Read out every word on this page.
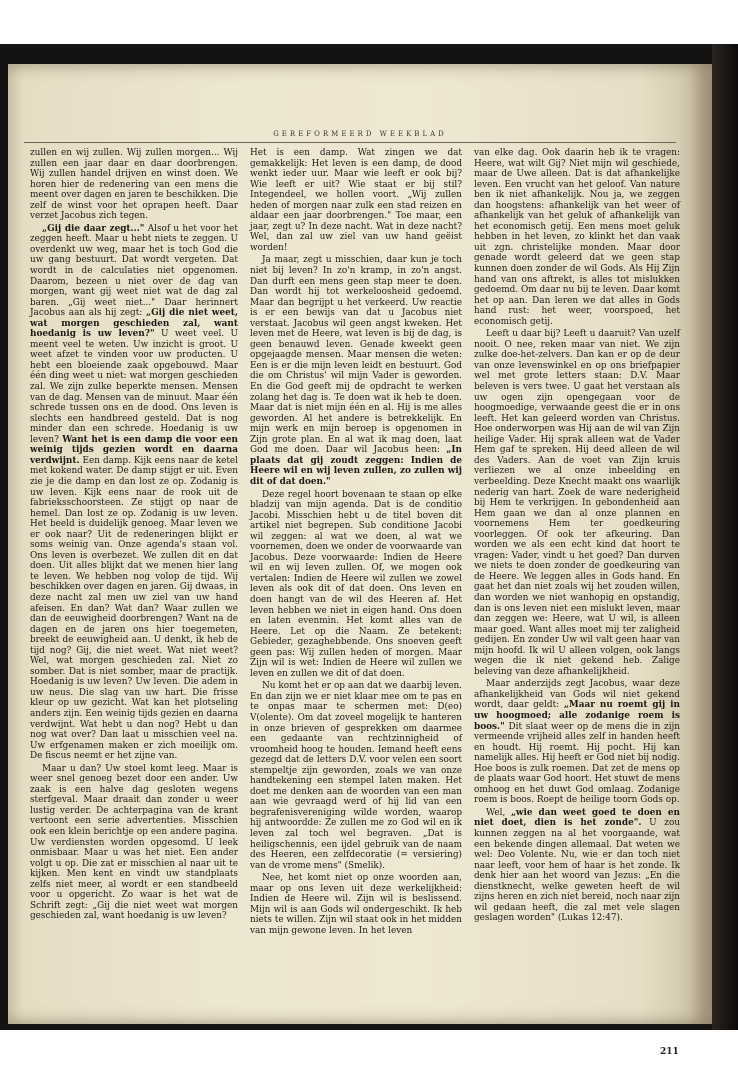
GEREFORMEERD WEEKBLAD

zullen en wij zullen. Wij zullen morgen... Wij zullen een jaar daar en daar doorbrengen. Wij zullen handel drijven en winst doen. We horen hier de redenering van een mens die meent over dagen en jaren te beschikken. Die zelf de winst voor het oprapen heeft. Daar verzet Jacobus zich tegen.

„Gij die daar zegt..." Alsof u het voor het zeggen heeft. Maar u hebt niets te zeggen. U overdenkt uw weg, maar het is toch God die uw gang bestuurt. Dat wordt vergeten. Dat wordt in de calculaties niet opgenomen. Daarom, bezeen u niet over de dag van morgen, want gij weet niet wat de dag zal baren. „Gij weet niet..." Daar herinnert Jacobus aan als hij zegt: „Gij die niet weet, wat morgen geschieden zal, want hoedanig is uw leven?" U weet veel. U meent veel te weten. Uw inzicht is groot. U weet afzet te vinden voor uw producten. U hebt een bloeiende zaak opgebouwd. Maar één ding weet u niet: wat morgen geschieden zal. We zijn zulke beperkte mensen. Mensen van de dag. Mensen van de minuut. Maar één schrede tussen ons en de dood. Ons leven is slechts een handbreed gesteld. Dat is nog minder dan een schrede. Hoedanig is uw leven? Want het is een damp die voor een weinig tijds gezien wordt en daarna verdwijnt. Een damp. Kijk eens naar de ketel met kokend water. De damp stijgt er uit. Even zie je die damp en dan lost ze op. Zodanig is uw leven. Kijk eens naar de rook uit de fabrieksschoorsteen. Ze stijgt op naar de hemel. Dan lost ze op. Zodanig is uw leven. Het beeld is duidelijk genoeg. Maar leven we er ook naar? Uit de redeneringen blijkt er soms weinig van. Onze agenda's staan vol. Ons leven is overbezet. We zullen dit en dat doen. Uit alles blijkt dat we menen hier lang te leven. We hebben nog volop de tijd. Wij beschikken over dagen en jaren. Gij dwaas, in deze nacht zal men uw ziel van uw hand afeisen. En dan? Wat dan? Waar zullen we dan de eeuwigheid doorbrengen? Want na de dagen en de jaren ons hier toegemeten, breekt de eeuwigheid aan. U denkt, ik heb de tijd nog? Gij, die niet weet. Wat niet weet? Wel, wat morgen geschieden zal. Niet zo somber. Dat is niet somber, maar de practijk. Hoedanig is uw leven? Uw leven. Die adem in uw neus. Die slag van uw hart. Die frisse kleur op uw gezicht. Wat kan het plotseling anders zijn. Een weinig tijds gezien en daarna verdwijnt. Wat hebt u dan nog? Hebt u dan nog wat over? Dan laat u misschien veel na. Uw erfgenamen maken er zich moeilijk om. De fiscus neemt er het zijne van.

Maar u dan? Uw stoel komt leeg. Maar is weer snel genoeg bezet door een ander. Uw zaak is een halve dag gesloten wegens sterfgeval. Maar draait dan zonder u weer lustig verder. De achterpagina van de krant vertoont een serie advertenties. Misschien ook een klein berichtje op een andere pagina. Uw verdiensten worden opgesomd. U leek onmisbaar. Maar u was het niet. Een ander volgt u op. Die zat er misschien al naar uit te kijken. Men kent en vindt uw standplaats zelfs niet meer, al wordt er een standbeeld voor u opgericht. Zo waar is het wat de Schrift zegt: „Gij die niet weet wat morgen geschieden zal, want hoedanig is uw leven?

Het is een damp. Wat zingen we dat gemakkelijk: Het leven is een damp, de dood wenkt ieder uur. Maar wie leeft er ook bij? Wie leeft er uit? Wie staat er bij stil? Integendeel, we hollen voort. „Wij zullen heden of morgen naar zulk een stad reizen en aldaar een jaar doorbrengen." Toe maar, een jaar, zegt u? In deze nacht. Wat in deze nacht? Wel, dan zal uw ziel van uw hand geëist worden!

Ja maar, zegt u misschien, daar kun je toch niet bij leven? In zo'n kramp, in zo'n angst. Dan durft een mens geen stap meer te doen. Dan wordt hij tot werkeloosheid gedoemd. Maar dan begrijpt u het verkeerd. Uw reactie is er een bewijs van dat u Jacobus niet verstaat. Jacobus wil geen angst kweken. Het leven met de Heere, wat leven is bij de dag, is geen benauwd leven. Genade kweekt geen opgejaagde mensen. Maar mensen die weten: Een is er die mijn leven leidt en bestuurt. God die om Christus' wil mijn Vader is geworden. En die God geeft mij de opdracht te werken zolang het dag is. Te doen wat ik heb te doen. Maar dat is niet mijn één en al. Hij is me alles geworden. Al het andere is betrekkelijk. En mijn werk en mijn beroep is opgenomen in Zijn grote plan. En al wat ik mag doen, laat God me doen. Daar wil Jacobus heen: „In plaats dat gij zoudt zeggen: Indien de Heere wil en wij leven zullen, zo zullen wij dit of dat doen."

Deze regel hoort bovenaan te staan op elke bladzij van mijn agenda. Dat is de conditio Jacobi. Misschien hebt u de titel boven dit artikel niet begrepen. Sub conditione Jacobi wil zeggen: al wat we doen, al wat we voornemen, doen we onder de voorwaarde van Jacobus. Deze voorwaarde: Indien de Heere wil en wij leven zullen. Of, we mogen ook vertalen: Indien de Heere wil zullen we zowel leven als ook dit of dat doen. Ons leven en doen hangt van de wil des Heeren af. Het leven hebben we niet in eigen hand. Ons doen en laten evenmin. Het komt alles van de Heere. Let op die Naam. Ze betekent: Gebieder, gezaghebbende. Ons snoeven geeft geen pas: Wij zullen heden of morgen. Maar Zijn wil is wet: Indien de Heere wil zullen we leven en zullen we dit of dat doen.

Nu komt het er op aan dat we daarbij leven. En dan zijn we er niet klaar mee om te pas en te onpas maar te schermen met: D(eo) V(olente). Om dat zoveel mogelijk te hanteren in onze brieven of gesprekken om daarmee een gedaante van rechtzinnigheid of vroomheid hoog te houden. Iemand heeft eens gezegd dat de letters D.V. voor velen een soort stempeltje zijn geworden, zoals we van onze handtekening een stempel laten maken. Het doet me denken aan de woorden van een man aan wie gevraagd werd of hij lid van een begrafenisvereniging wilde worden, waarop hij antwoordde: Ze zullen me zo God wil en ik leven zal toch wel begraven. „Dat is heiligschennis, een ijdel gebruik van de naam des Heeren, een zelfdecoratie (= versiering) van de vrome mens" (Smelik).

Nee, het komt niet op onze woorden aan, maar op ons leven uit deze werkelijkheid: Indien de Heere wil. Zijn wil is beslissend. Mijn wil is aan Gods wil ondergeschikt. Ik heb niets te willen. Zijn wil staat ook in het midden van mijn gewone leven. In het leven

van elke dag. Ook daarin heb ik te vragen: Heere, wat wilt Gij? Niet mijn wil geschiede, maar de Uwe alleen. Dat is dat afhankelijke leven. Een vrucht van het geloof. Van nature ben ik niet afhankelijk. Nou ja, we zeggen dan hoogstens: afhankelijk van het weer of afhankelijk van het geluk of afhankelijk van het economisch getij. Een mens moet geluk hebben in het leven, zo klinkt het dan vaak uit zgn. christelijke monden. Maar door genade wordt geleerd dat we geen stap kunnen doen zonder de wil Gods. Als Hij Zijn hand van ons aftrekt, is alles tot mislukken gedoemd. Om daar nu bij te leven. Daar komt het op aan. Dan leren we dat alles in Gods hand rust: het weer, voorspoed, het economisch getij.

Leeft u daar bij? Leeft u daaruit? Van uzelf nooit. O nee, reken maar van niet. We zijn zulke doe-het-zelvers. Dan kan er op de deur van onze levenswinkel en op ons briefpapier wel met grote letters staan: D.V. Maar beleven is vers twee. U gaat het verstaan als uw ogen zijn opengegaan voor de hoogmoedige, verwaande geest die er in ons leeft. Het kan geleerd worden van Christus. Hoe onderworpen was Hij aan de wil van Zijn heilige Vader. Hij sprak alleen wat de Vader Hem gaf te spreken. Hij deed alleen de wil des Vaders. Aan de voet van Zijn kruis verliezen we al onze inbeelding en verbeelding. Deze Knecht maakt ons waarlijk nederig van hart. Zoek de ware nederigheid bij Hem te verkrijgen. In gebondenheid aan Hem gaan we dan al onze plannen en voornemens Hem ter goedkeuring voorleggen. Of ook ter afkeuring. Dan worden we als een echt kind dat hoort te vragen: Vader, vindt u het goed? Dan durven we niets te doen zonder de goedkeuring van de Heere. We leggen alles in Gods hand. En gaat het dan niet zoals wij het zouden willen, dan worden we niet wanhopig en opstandig, dan is ons leven niet een mislukt leven, maar dan zeggen we: Heere, wat U wil, is alleen maar goed. Want alles moet mij ter zaligheid gedijen. En zonder Uw wil valt geen haar van mijn hoofd. Ik wil U alleen volgen, ook langs wegen die ik niet gekend heb. Zalige beleving van deze afhankelijkheid.

Maar anderzijds zegt Jacobus, waar deze afhankelijkheid van Gods wil niet gekend wordt, daar geldt: „Maar nu roemt gij in uw hoogmoed; alle zodanige roem is boos." Dit slaat weer op de mens die in zijn vermeende vrijheid alles zelf in handen heeft en houdt. Hij roemt. Hij pocht. Hij kan namelijk alles. Hij heeft er God niet bij nodig. Hoe boos is zulk roemen. Dat zet de mens op de plaats waar God hoort. Het stuwt de mens omhoog en het duwt God omlaag. Zodanige roem is boos. Roept de heilige toorn Gods op.

Wel, „wie dan weet goed te doen en niet doet, dien is het zonde". U zou kunnen zeggen na al het voorgaande, wat een bekende dingen allemaal. Dat weten we wel: Deo Volente. Nu, wie er dan toch niet naar leeft, voor hem of haar is het zonde. Ik denk hier aan het woord van Jezus: „En die dienstknecht, welke geweten heeft de wil zijns heren en zich niet bereid, noch naar zijn wil gedaan heeft, die zal met vele slagen geslagen worden" (Lukas 12:47).

211
